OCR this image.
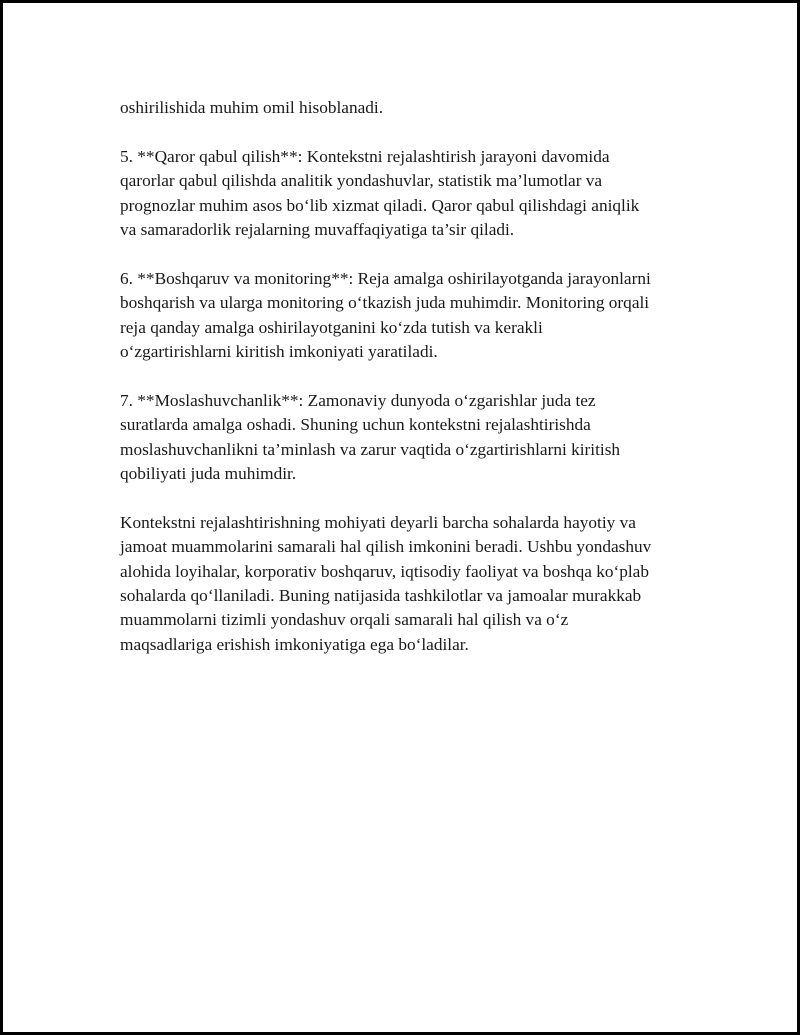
oshirilishida muhim omil hisoblanadi.

5. **Qaror qabul qilish**: Kontekstni rejalashtirish jarayoni davomida
qarorlar qabul qilishda analitik yondashuvlar, statistik ma’lumotlar va
prognozlar muhim asos bo‘lib xizmat qiladi. Qaror qabul qilishdagi aniqlik
va samaradorlik rejalarning muvaffaqiyatiga ta’sir qiladi.

6. **Boshqaruv va monitoring**: Reja amalga oshirilayotganda jarayonlarni
boshqarish va ularga monitoring o‘tkazish juda muhimdir. Monitoring orqali
reja qanday amalga oshirilayotganini ko‘zda tutish va kerakli
o‘zgartirishlarni kiritish imkoniyati yaratiladi.

7. **Moslashuvchanlik**: Zamonaviy dunyoda o‘zgarishlar juda tez
suratlarda amalga oshadi. Shuning uchun kontekstni rejalashtirishda
moslashuvchanlikni ta’minlash va zarur vaqtida o‘zgartirishlarni kiritish
qobiliyati juda muhimdir.

Kontekstni rejalashtirishning mohiyati deyarli barcha sohalarda hayotiy va
jamoat muammolarini samarali hal qilish imkonini beradi. Ushbu yondashuv
alohida loyihalar, korporativ boshqaruv, iqtisodiy faoliyat va boshqa ko‘plab
sohalarda qo‘llaniladi. Buning natijasida tashkilotlar va jamoalar murakkab
muammolarni tizimli yondashuv orqali samarali hal qilish va o‘z
maqsadlariga erishish imkoniyatiga ega bo‘ladilar.
